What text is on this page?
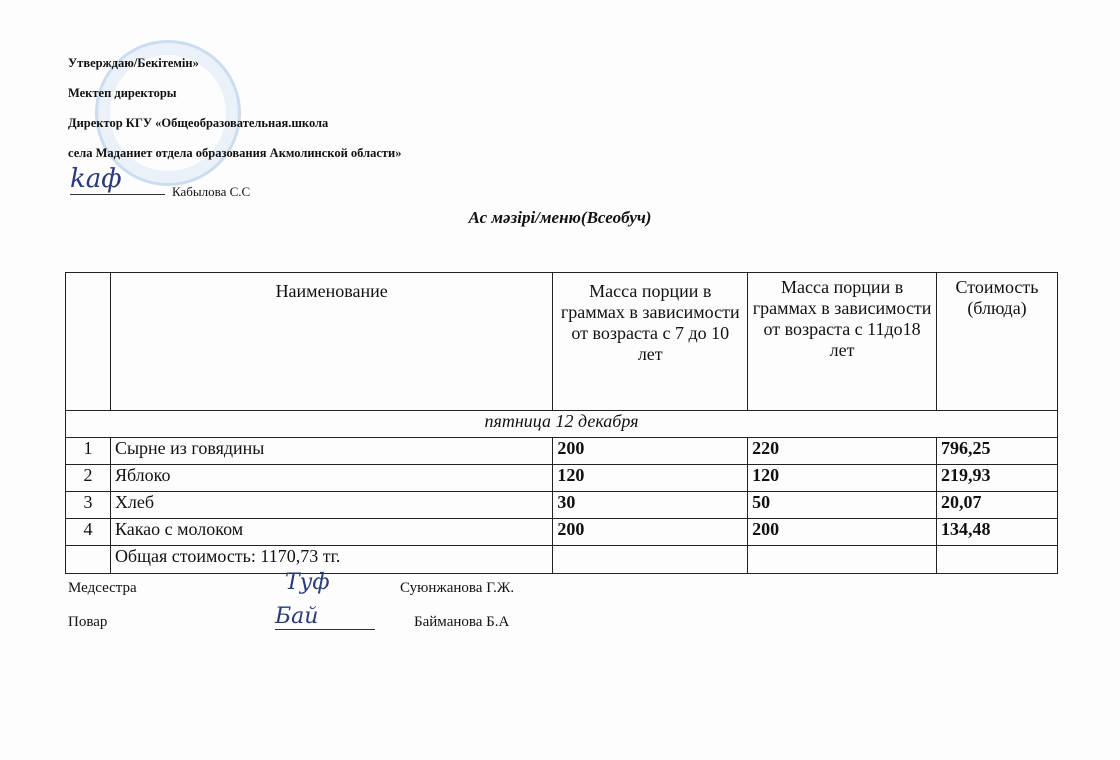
Утверждаю/Бекітемін»
Мектеп директоры
Директор КГУ «Общеобразовательная.школа
села Маданиет отдела образования Акмолинской области»
kaф	Кабылова С.С
Ас мәзірі/меню(Всеобуч)
	Наименование	Масса порции в граммах в зависимости от возраста с 7 до 10 лет	Масса порции в граммах в зависимости от возраста с 11до18 лет	Стоимость (блюда)
пятница 12 декабря				
1	Сырне из говядины	200	220	796,25
2	Яблоко	120	120	219,93
3	Хлеб	30	50	20,07
4	Какао с молоком	200	200	134,48
	Общая стоимость: 1170,73 тг.			
Медсестра	Туф	Суюнжанова Г.Ж.
Повар	Бaй	Байманова Б.А
